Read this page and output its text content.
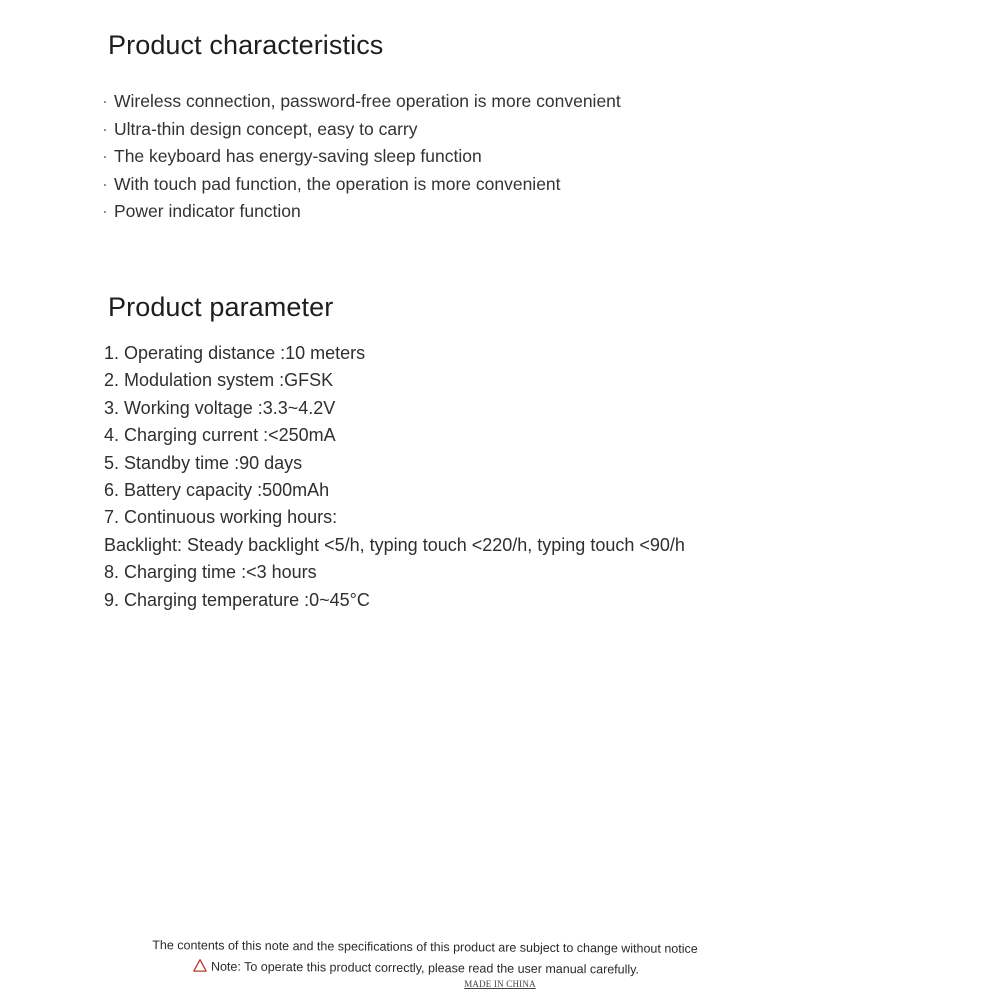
Product characteristics
· Wireless connection, password-free operation is more convenient
· Ultra-thin design concept, easy to carry
· The keyboard has energy-saving sleep function
· With touch pad function, the operation is more convenient
· Power indicator function
Product parameter
1. Operating distance :10 meters
2. Modulation system :GFSK
3. Working voltage :3.3~4.2V
4. Charging current :<250mA
5. Standby time :90 days
6. Battery capacity :500mAh
7. Continuous working hours:
Backlight: Steady backlight <5/h, typing touch <220/h, typing touch <90/h
8. Charging time :<3 hours
9. Charging temperature :0~45°C
The contents of this note and the specifications of this product are subject to change without notice
Note: To operate this product correctly, please read the user manual carefully.
MADE IN CHINA
